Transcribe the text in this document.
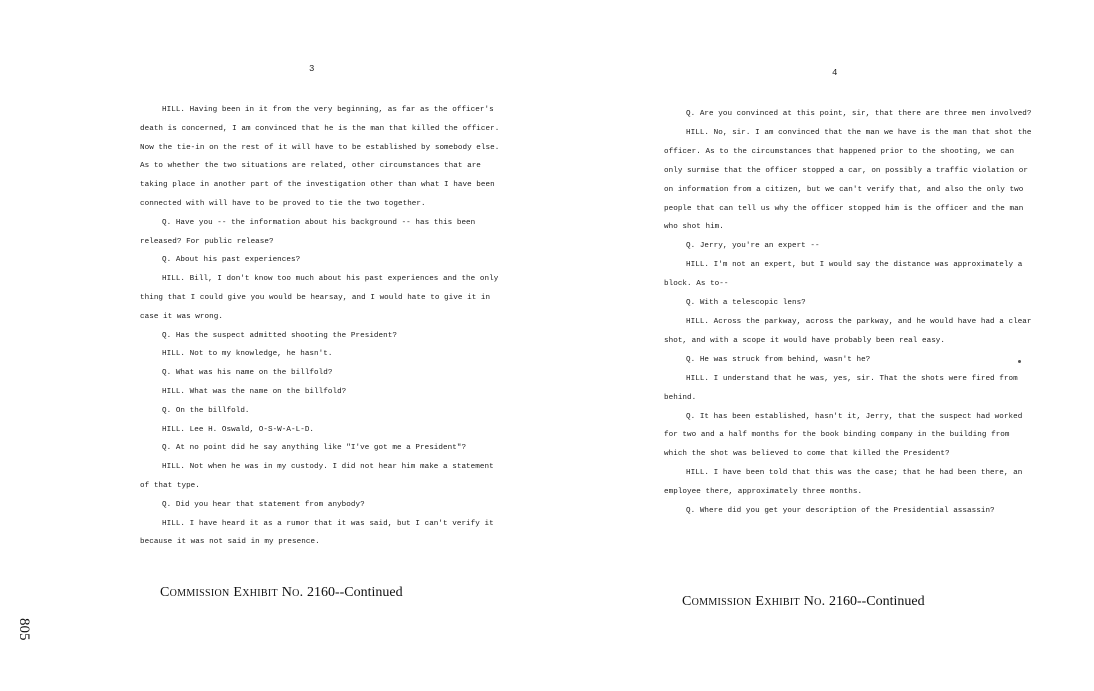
3

HILL. Having been in it from the very beginning, as far as the officer's death is concerned, I am convinced that he is the man that killed the officer. Now the tie-in on the rest of it will have to be established by somebody else. As to whether the two situations are related, other circumstances that are taking place in another part of the investigation other than what I have been connected with will have to be proved to tie the two together.

Q. Have you -- the information about his background -- has this been released? For public release?

Q. About his past experiences?

HILL. Bill, I don't know too much about his past experiences and the only thing that I could give you would be hearsay, and I would hate to give it in case it was wrong.

Q. Has the suspect admitted shooting the President?

HILL. Not to my knowledge, he hasn't.

Q. What was his name on the billfold?

HILL. What was the name on the billfold?

Q. On the billfold.

HILL. Lee H. Oswald, O-S-W-A-L-D.

Q. At no point did he say anything like "I've got me a President"?

HILL. Not when he was in my custody. I did not hear him make a statement of that type.

Q. Did you hear that statement from anybody?

HILL. I have heard it as a rumor that it was said, but I can't verify it because it was not said in my presence.

Commission Exhibit No. 2160--Continued
4

Q. Are you convinced at this point, sir, that there are three men involved?

HILL. No, sir. I am convinced that the man we have is the man that shot the officer. As to the circumstances that happened prior to the shooting, we can only surmise that the officer stopped a car, on possibly a traffic violation or on information from a citizen, but we can't verify that, and also the only two people that can tell us why the officer stopped him is the officer and the man who shot him.

Q. Jerry, you're an expert --

HILL. I'm not an expert, but I would say the distance was approximately a block. As to--

Q. With a telescopic lens?

HILL. Across the parkway, across the parkway, and he would have had a clear shot, and with a scope it would have probably been real easy.

Q. He was struck from behind, wasn't he?

HILL. I understand that he was, yes, sir. That the shots were fired from behind.

Q. It has been established, hasn't it, Jerry, that the suspect had worked for two and a half months for the book binding company in the building from which the shot was believed to come that killed the President?

HILL. I have been told that this was the case; that he had been there, an employee there, approximately three months.

Q. Where did you get your description of the Presidential assassin?

Commission Exhibit No. 2160--Continued
805
